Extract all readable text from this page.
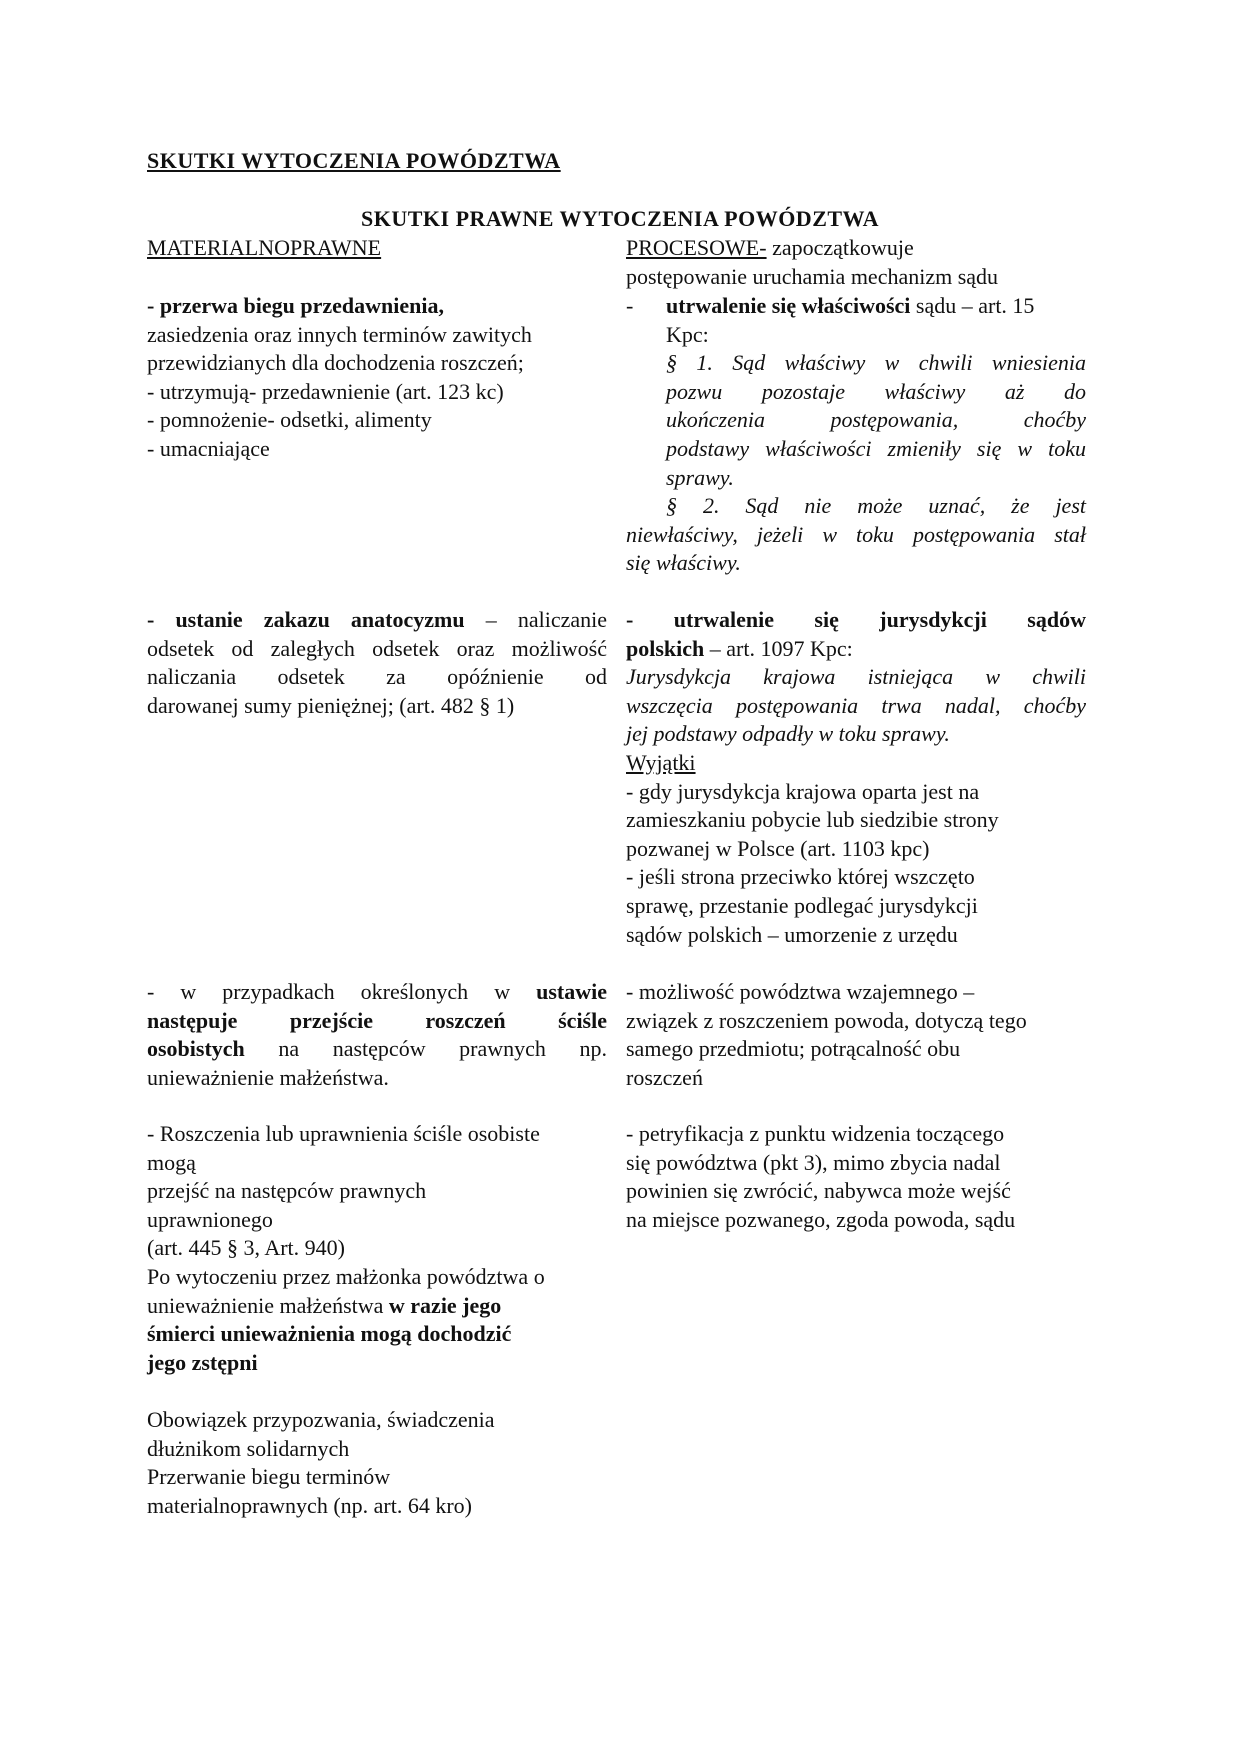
SKUTKI WYTOCZENIA POWÓDZTWA
SKUTKI PRAWNE WYTOCZENIA POWÓDZTWA
MATERIALNOPRAWNE	PROCESOWE- zapoczątkowuje
postępowanie uruchamia mechanizm sądu
- przerwa biegu przedawnienia,
zasiedzenia oraz innych terminów zawitych
przewidzianych dla dochodzenia roszczeń;
- utrzymują- przedawnienie (art. 123 kc)
- pomnożenie- odsetki, alimenty
- umacniające
- utrwalenie się właściwości sądu – art. 15
Kpc:
§ 1. Sąd właściwy w chwili wniesienia
pozwu pozostaje właściwy aż do
ukończenia postępowania, choćby
podstawy właściwości zmieniły się w toku
sprawy.
§ 2. Sąd nie może uznać, że jest
niewłaściwy, jeżeli w toku postępowania stał
się właściwy.
- ustanie zakazu anatocyzmu – naliczanie
odsetek od zaległych odsetek oraz możliwość
naliczania odsetek za opóźnienie od
darowanej sumy pieniężnej; (art. 482 § 1)
- utrwalenie się jurysdykcji sądów
polskich – art. 1097 Kpc:
Jurysdykcja krajowa istniejąca w chwili
wszczęcia postępowania trwa nadal, choćby
jej podstawy odpadły w toku sprawy.
Wyjątki
- gdy jurysdykcja krajowa oparta jest na
zamieszkaniu pobycie lub siedzibie strony
pozwanej w Polsce (art. 1103 kpc)
- jeśli strona przeciwko której wszczęto
sprawę, przestanie podlegać jurysdykcji
sądów polskich – umorzenie z urzędu
- w przypadkach określonych w ustawie
następuje przejście roszczeń ściśle
osobistych na następców prawnych np.
unieważnienie małżeństwa.
- możliwość powództwa wzajemnego –
związek z roszczeniem powoda, dotyczą tego
samego przedmiotu; potrącalność obu
roszczeń
- Roszczenia lub uprawnienia ściśle osobiste
mogą
przejść na następców prawnych
uprawnionego
(art. 445 § 3, Art. 940)
Po wytoczeniu przez małżonka powództwa o
unieważnienie małżeństwa w razie jego
śmierci unieważnienia mogą dochodzić
jego zstępni
- petryfikacja z punktu widzenia toczącego
się powództwa (pkt 3), mimo zbycia nadal
powinien się zwrócić, nabywca może wejść
na miejsce pozwanego, zgoda powoda, sądu
Obowiązek przypozwania, świadczenia
dłużnikom solidarnych
Przerwanie biegu terminów
materialnoprawnych (np. art. 64 kro)
